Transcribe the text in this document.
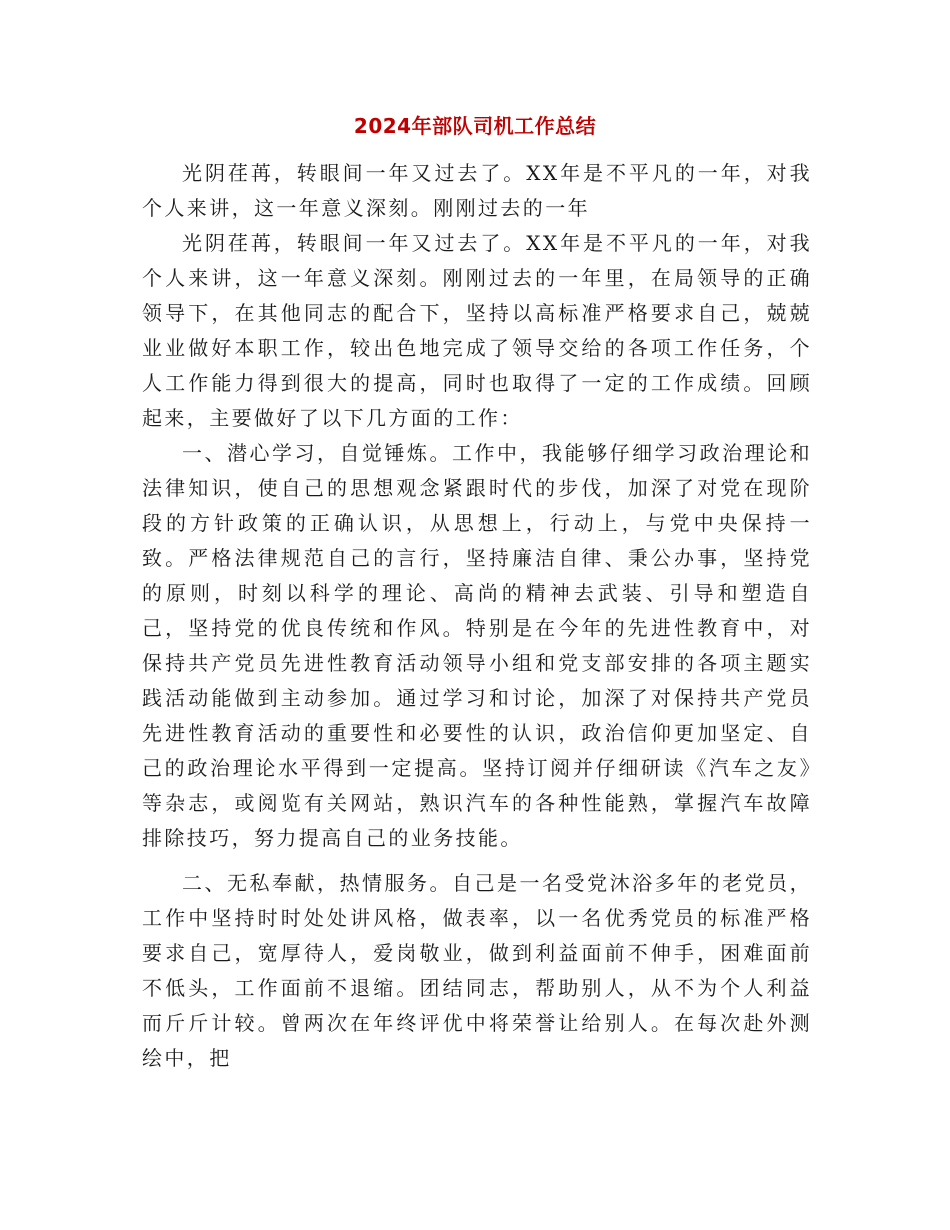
2024年部队司机工作总结

光阴荏苒，转眼间一年又过去了。XX年是不平凡的一年，对我个人来讲，这一年意义深刻。刚刚过去的一年

光阴荏苒，转眼间一年又过去了。XX年是不平凡的一年，对我个人来讲，这一年意义深刻。刚刚过去的一年里，在局领导的正确领导下，在其他同志的配合下，坚持以高标准严格要求自己，兢兢业业做好本职工作，较出色地完成了领导交给的各项工作任务，个人工作能力得到很大的提高，同时也取得了一定的工作成绩。回顾起来，主要做好了以下几方面的工作：

一、潜心学习，自觉锤炼。工作中，我能够仔细学习政治理论和法律知识，使自己的思想观念紧跟时代的步伐，加深了对党在现阶段的方针政策的正确认识，从思想上，行动上，与党中央保持一致。严格法律规范自己的言行，坚持廉洁自律、秉公办事，坚持党的原则，时刻以科学的理论、高尚的精神去武装、引导和塑造自己，坚持党的优良传统和作风。特别是在今年的先进性教育中，对保持共产党员先进性教育活动领导小组和党支部安排的各项主题实践活动能做到主动参加。通过学习和讨论，加深了对保持共产党员先进性教育活动的重要性和必要性的认识，政治信仰更加坚定、自己的政治理论水平得到一定提高。坚持订阅并仔细研读《汽车之友》等杂志，或阅览有关网站，熟识汽车的各种性能熟，掌握汽车故障排除技巧，努力提高自己的业务技能。

二、无私奉献，热情服务。自己是一名受党沐浴多年的老党员，工作中坚持时时处处讲风格，做表率，以一名优秀党员的标准严格要求自己，宽厚待人，爱岗敬业，做到利益面前不伸手，困难面前不低头，工作面前不退缩。团结同志，帮助别人，从不为个人利益而斤斤计较。曾两次在年终评优中将荣誉让给别人。在每次赴外测绘中，把
